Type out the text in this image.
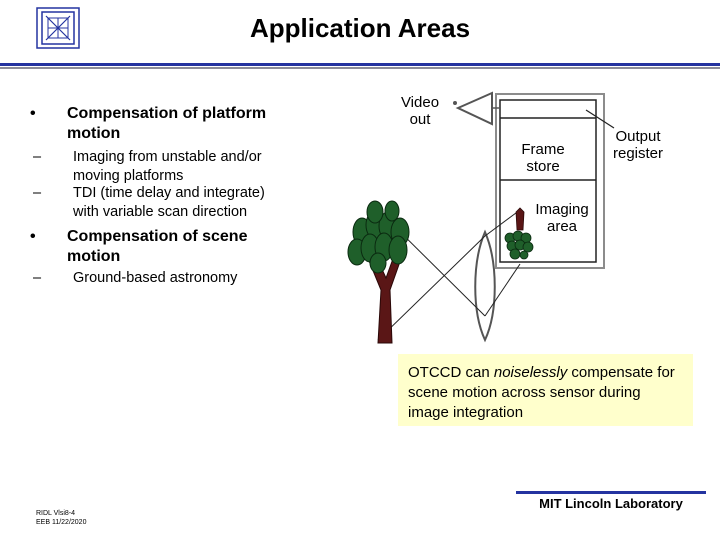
Application Areas
• Compensation of platform
motion
– Imaging from unstable and/or
moving platforms
– TDI (time delay and integrate)
with variable scan direction
• Compensation of scene
motion
– Ground-based astronomy
Video
out
Frame
store
Output
register
Imaging
area
OTCCD can noiselessly compensate for scene motion across sensor during image integration
RIDL Vlsi8-4
EEB 11/22/2020
MIT Lincoln Laboratory
